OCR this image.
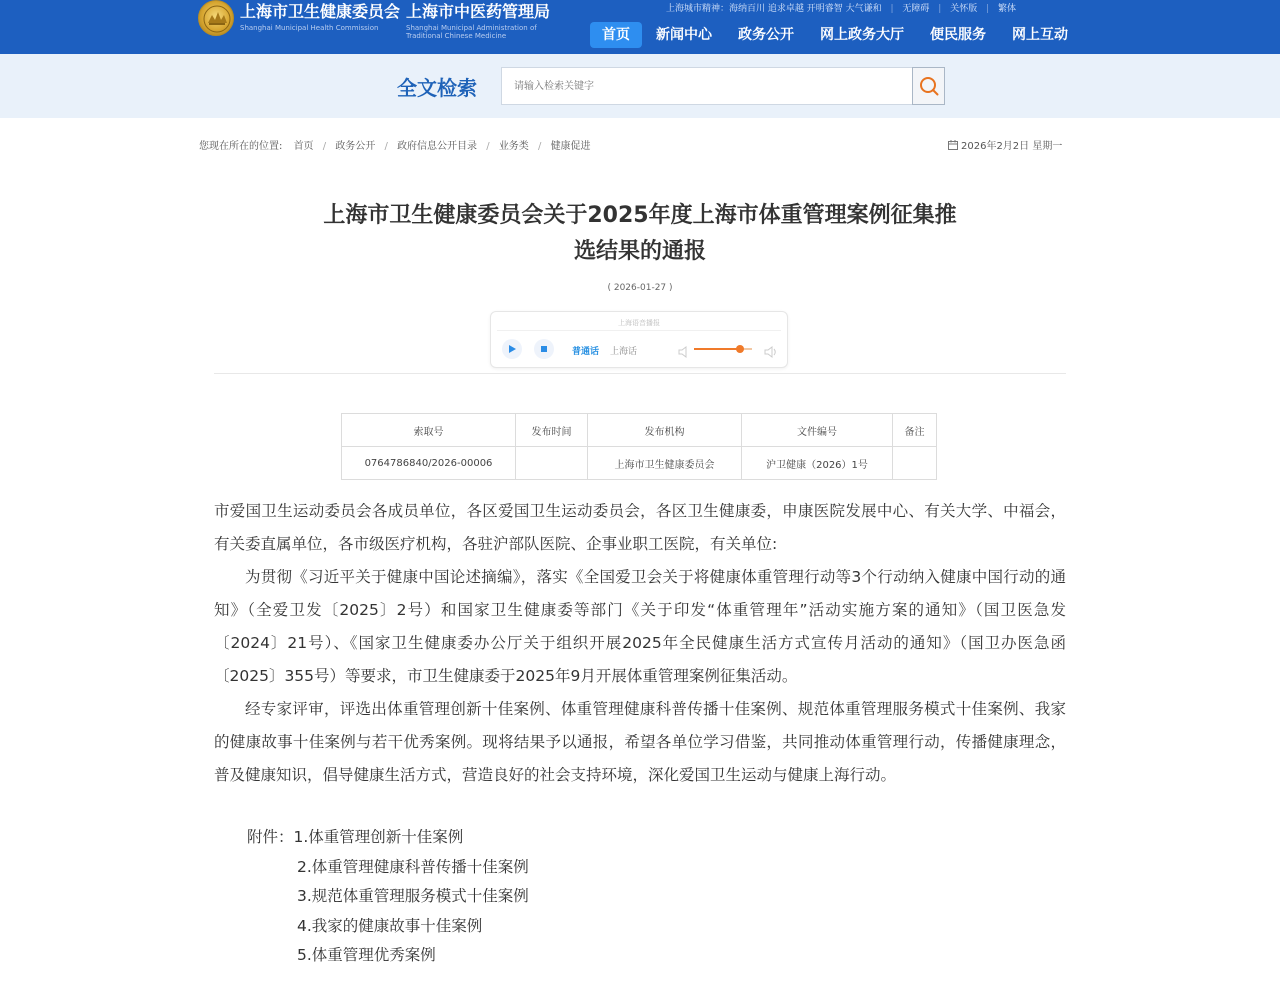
上海市卫生健康委员会
Shanghai Municipal Health Commission
上海市中医药管理局
Shanghai Municipal Administration of
Traditional Chinese Medicine
上海城市精神：海纳百川 追求卓越 开明睿智 大气谦和 | 无障碍 | 关怀版 | 繁体
首页	新闻中心	政务公开	网上政务大厅	便民服务	网上互动
全文检索
请输入检索关键字
您现在所在的位置: 首页 / 政务公开 / 政府信息公开目录 / 业务类 / 健康促进	2026年2月2日 星期一
上海市卫生健康委员会关于2025年度上海市体重管理案例征集推
选结果的通报
( 2026-01-27 )
上海语音播报
普通话 上海话
索取号	发布时间	发布机构	文件编号	备注
0764786840/2026-00006		上海市卫生健康委员会	沪卫健康（2026）1号	

市爱国卫生运动委员会各成员单位，各区爱国卫生运动委员会，各区卫生健康委，申康医院发展中心、有关大学、中福会，有关委直属单位，各市级医疗机构，各驻沪部队医院、企事业职工医院，有关单位:

为贯彻《习近平关于健康中国论述摘编》，落实《全国爱卫会关于将健康体重管理行动等3个行动纳入健康中国行动的通知》（全爱卫发〔2025〕2号）和国家卫生健康委等部门《关于印发“体重管理年”活动实施方案的通知》（国卫医急发〔2024〕21号）、《国家卫生健康委办公厅关于组织开展2025年全民健康生活方式宣传月活动的通知》（国卫办医急函〔2025〕355号）等要求，市卫生健康委于2025年9月开展体重管理案例征集活动。

经专家评审，评选出体重管理创新十佳案例、体重管理健康科普传播十佳案例、规范体重管理服务模式十佳案例、我家的健康故事十佳案例与若干优秀案例。现将结果予以通报，希望各单位学习借鉴，共同推动体重管理行动，传播健康理念，普及健康知识，倡导健康生活方式，营造良好的社会支持环境，深化爱国卫生运动与健康上海行动。

附件：1.体重管理创新十佳案例
2.体重管理健康科普传播十佳案例
3.规范体重管理服务模式十佳案例
4.我家的健康故事十佳案例
5.体重管理优秀案例
